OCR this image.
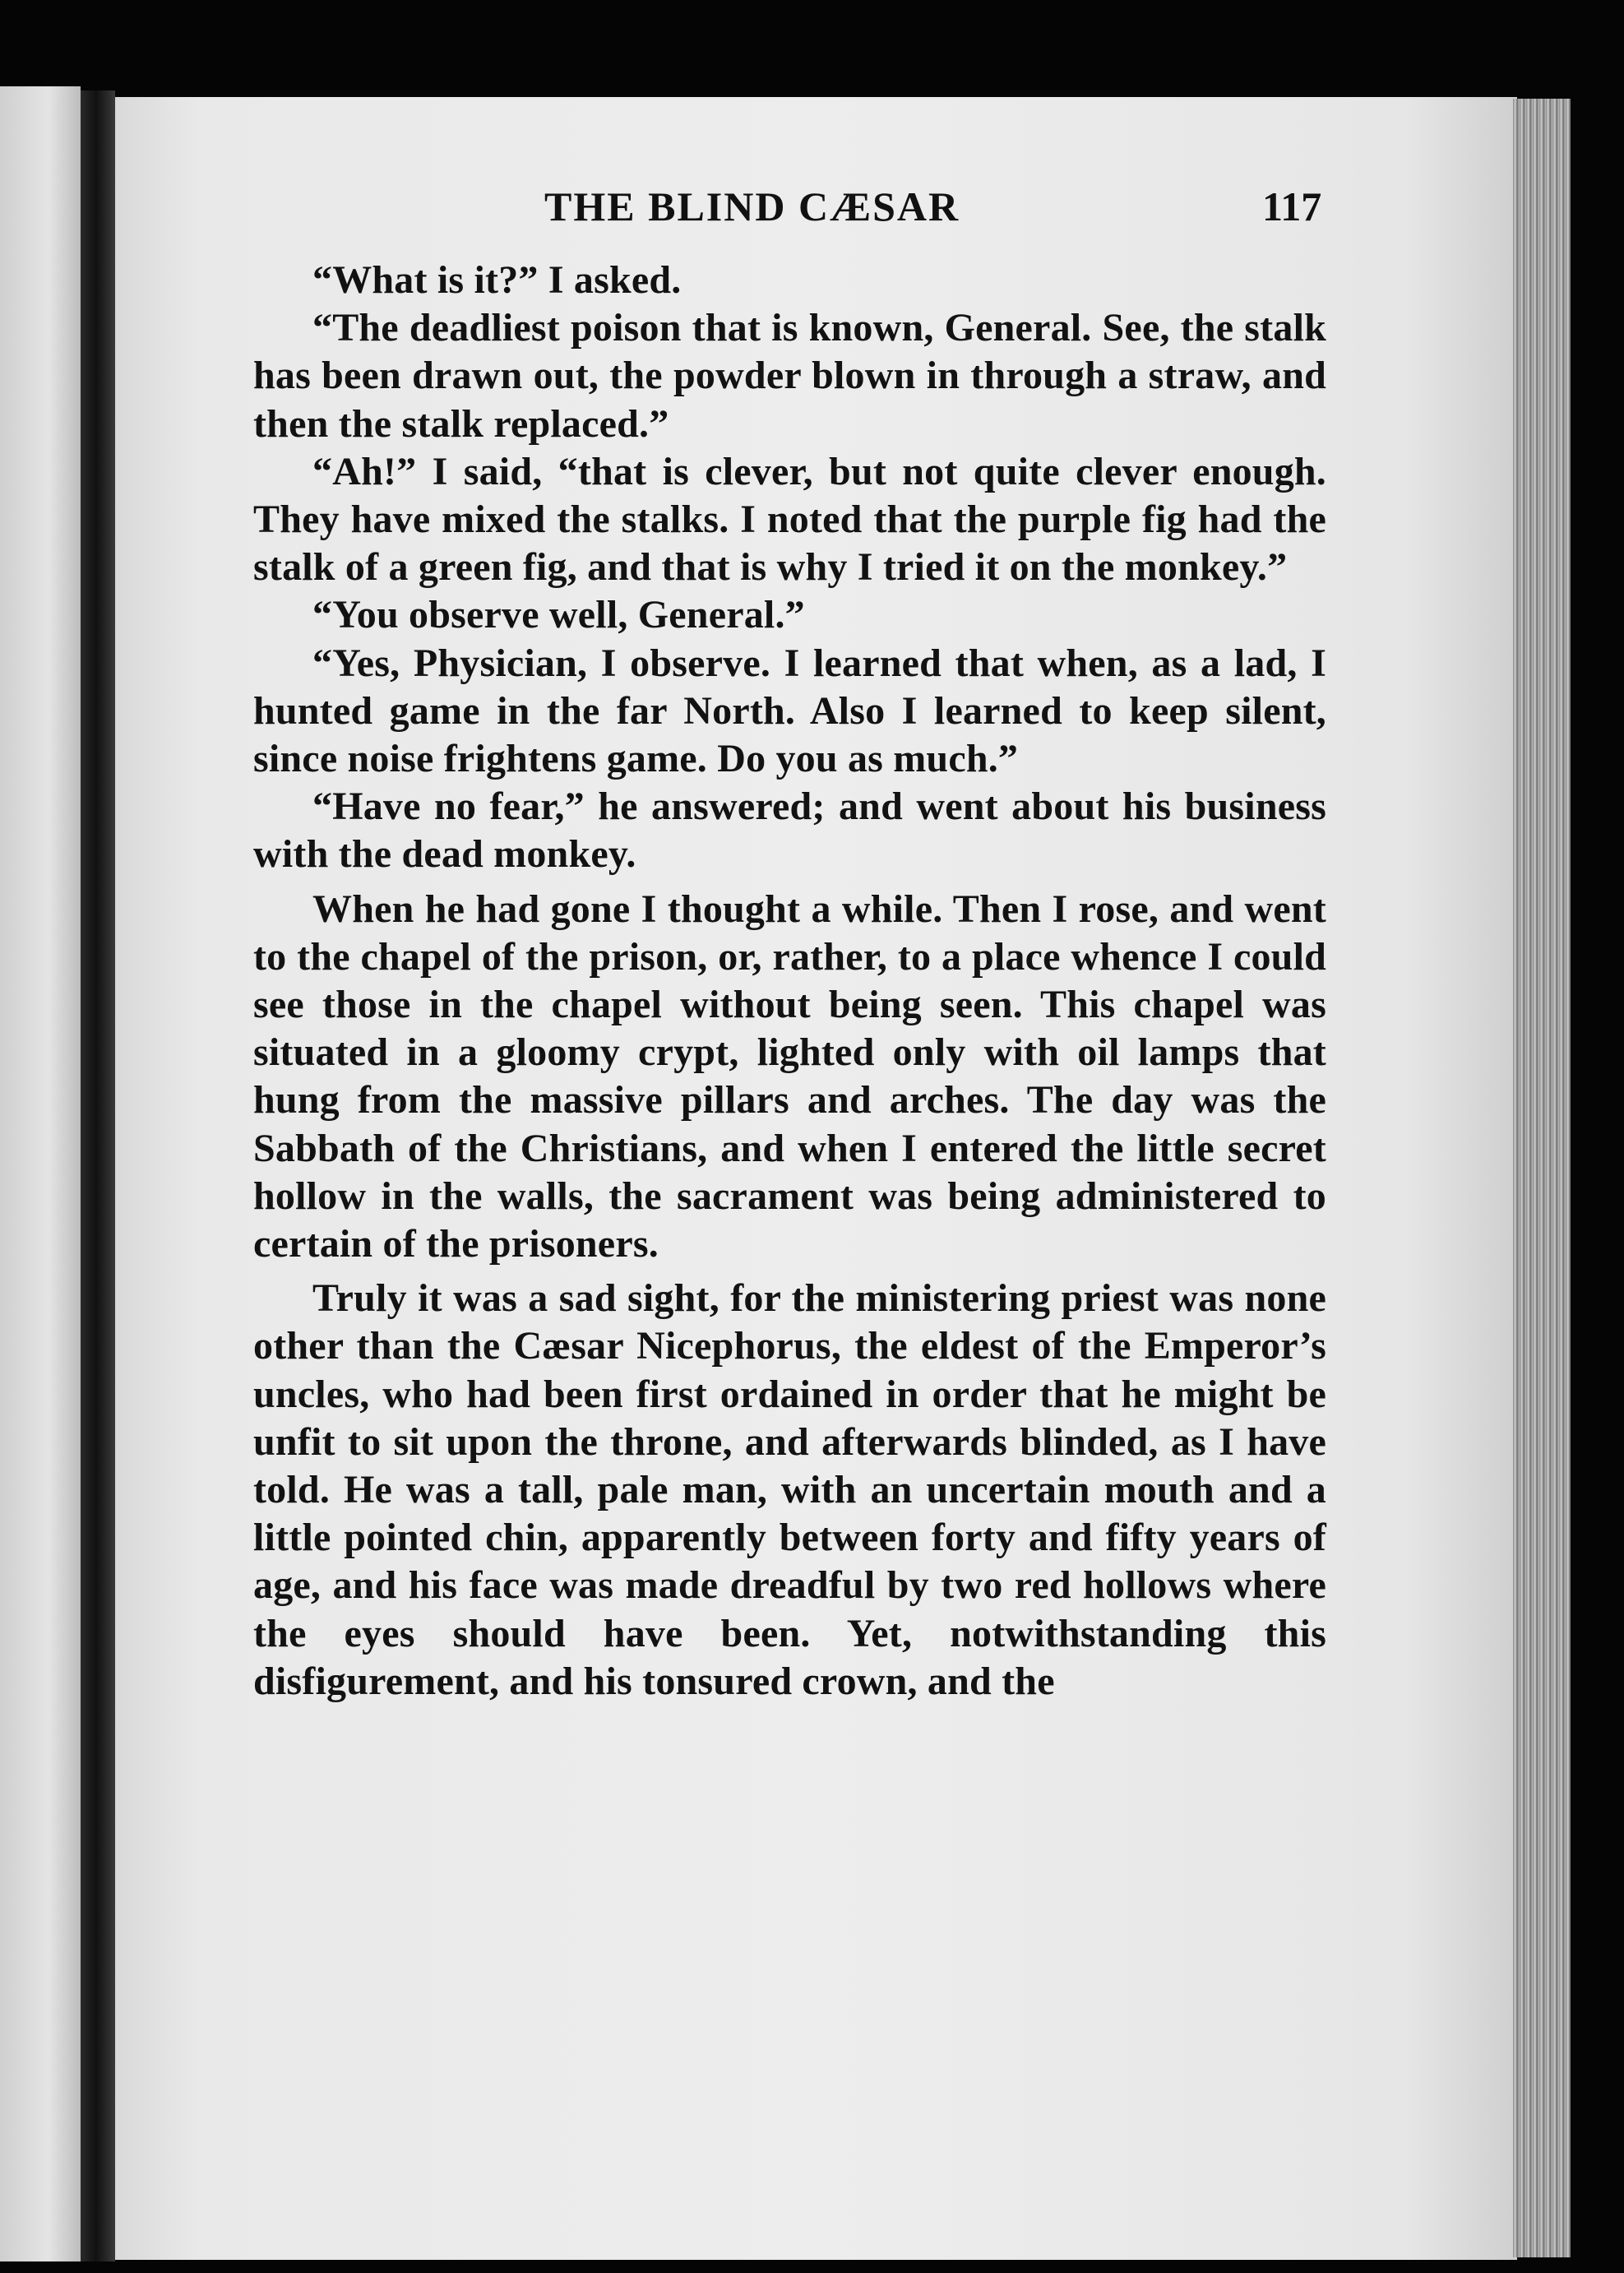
THE BLIND CÆSAR	117

“What is it?” I asked.

“The deadliest poison that is known, General. See, the stalk has been drawn out, the powder blown in through a straw, and then the stalk replaced.”

“Ah!” I said, “that is clever, but not quite clever enough. They have mixed the stalks. I noted that the purple fig had the stalk of a green fig, and that is why I tried it on the monkey.”

“You observe well, General.”

“Yes, Physician, I observe. I learned that when, as a lad, I hunted game in the far North. Also I learned to keep silent, since noise frightens game. Do you as much.”

“Have no fear,” he answered; and went about his business with the dead monkey.

When he had gone I thought a while. Then I rose, and went to the chapel of the prison, or, rather, to a place whence I could see those in the chapel without being seen. This chapel was situated in a gloomy crypt, lighted only with oil lamps that hung from the massive pillars and arches. The day was the Sabbath of the Christians, and when I entered the little secret hollow in the walls, the sacrament was being administered to certain of the prisoners.

Truly it was a sad sight, for the ministering priest was none other than the Cæsar Nicephorus, the eldest of the Emperor’s uncles, who had been first ordained in order that he might be unfit to sit upon the throne, and afterwards blinded, as I have told. He was a tall, pale man, with an uncertain mouth and a little pointed chin, apparently between forty and fifty years of age, and his face was made dreadful by two red hollows where the eyes should have been. Yet, notwithstanding this disfigurement, and his tonsured crown, and the
